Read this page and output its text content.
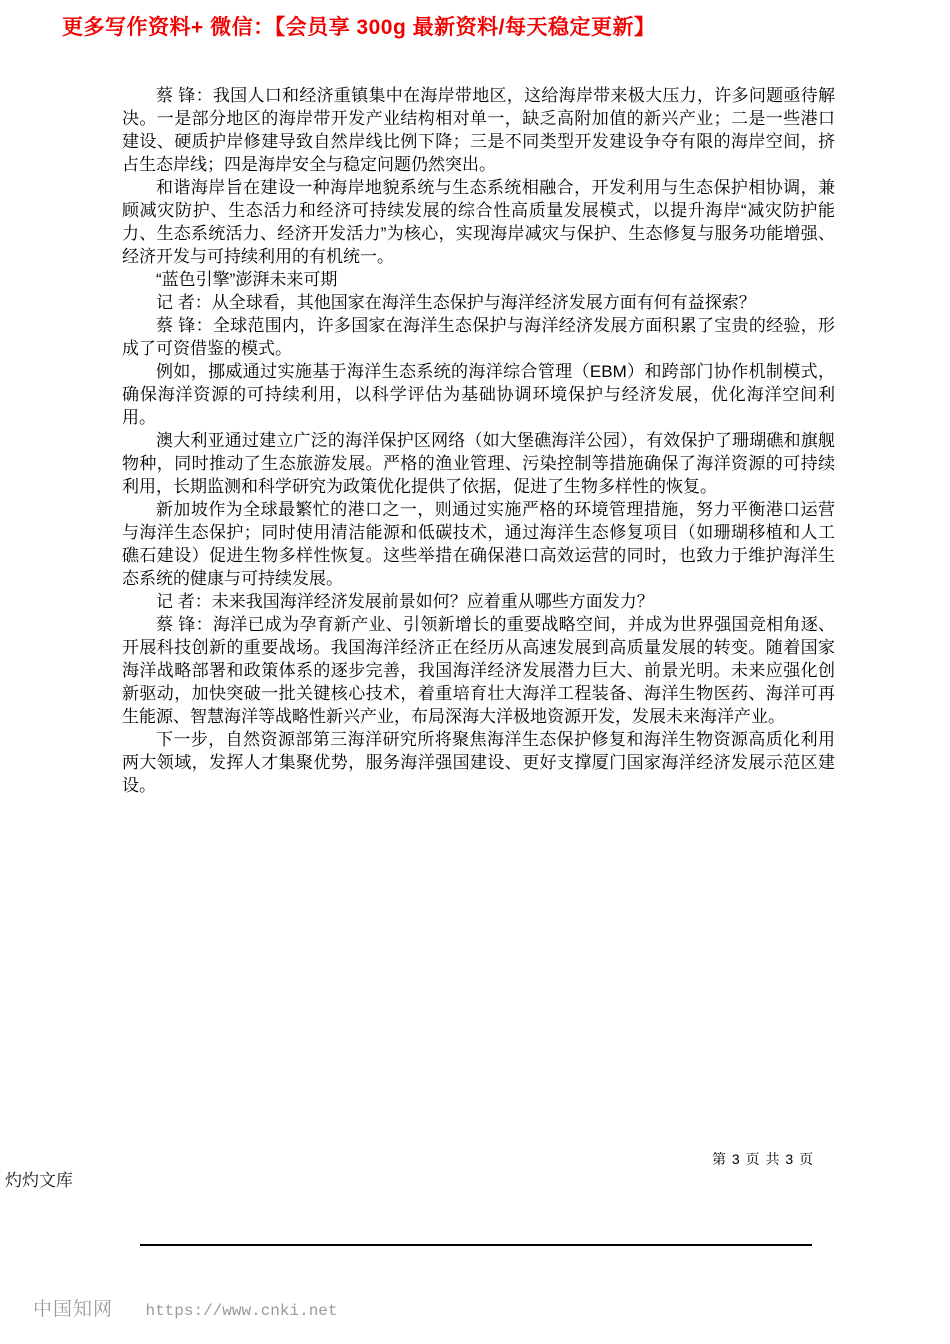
更多写作资料+ 微信：【会员享 300g 最新资料/每天稳定更新】

蔡 锋：我国人口和经济重镇集中在海岸带地区，这给海岸带来极大压力，许多问题亟待解决。一是部分地区的海岸带开发产业结构相对单一，缺乏高附加值的新兴产业；二是一些港口建设、硬质护岸修建导致自然岸线比例下降；三是不同类型开发建设争夺有限的海岸空间，挤占生态岸线；四是海岸安全与稳定问题仍然突出。

和谐海岸旨在建设一种海岸地貌系统与生态系统相融合，开发利用与生态保护相协调，兼顾减灾防护、生态活力和经济可持续发展的综合性高质量发展模式，以提升海岸“减灾防护能力、生态系统活力、经济开发活力”为核心，实现海岸减灾与保护、生态修复与服务功能增强、经济开发与可持续利用的有机统一。

“蓝色引擎”澎湃未来可期

记 者：从全球看，其他国家在海洋生态保护与海洋经济发展方面有何有益探索？

蔡 锋：全球范围内，许多国家在海洋生态保护与海洋经济发展方面积累了宝贵的经验，形成了可资借鉴的模式。

例如，挪威通过实施基于海洋生态系统的海洋综合管理（EBM）和跨部门协作机制模式，确保海洋资源的可持续利用，以科学评估为基础协调环境保护与经济发展，优化海洋空间利用。

澳大利亚通过建立广泛的海洋保护区网络（如大堡礁海洋公园），有效保护了珊瑚礁和旗舰物种，同时推动了生态旅游发展。严格的渔业管理、污染控制等措施确保了海洋资源的可持续利用，长期监测和科学研究为政策优化提供了依据，促进了生物多样性的恢复。

新加坡作为全球最繁忙的港口之一，则通过实施严格的环境管理措施，努力平衡港口运营与海洋生态保护；同时使用清洁能源和低碳技术，通过海洋生态修复项目（如珊瑚移植和人工礁石建设）促进生物多样性恢复。这些举措在确保港口高效运营的同时，也致力于维护海洋生态系统的健康与可持续发展。

记 者：未来我国海洋经济发展前景如何？应着重从哪些方面发力？

蔡 锋：海洋已成为孕育新产业、引领新增长的重要战略空间，并成为世界强国竞相角逐、开展科技创新的重要战场。我国海洋经济正在经历从高速发展到高质量发展的转变。随着国家海洋战略部署和政策体系的逐步完善，我国海洋经济发展潜力巨大、前景光明。未来应强化创新驱动，加快突破一批关键核心技术，着重培育壮大海洋工程装备、海洋生物医药、海洋可再生能源、智慧海洋等战略性新兴产业，布局深海大洋极地资源开发，发展未来海洋产业。

下一步，自然资源部第三海洋研究所将聚焦海洋生态保护修复和海洋生物资源高质化利用两大领域，发挥人才集聚优势，服务海洋强国建设、更好支撑厦门国家海洋经济发展示范区建设。

第 3 页 共 3 页
灼灼文库
中国知网 https://www.cnki.net
